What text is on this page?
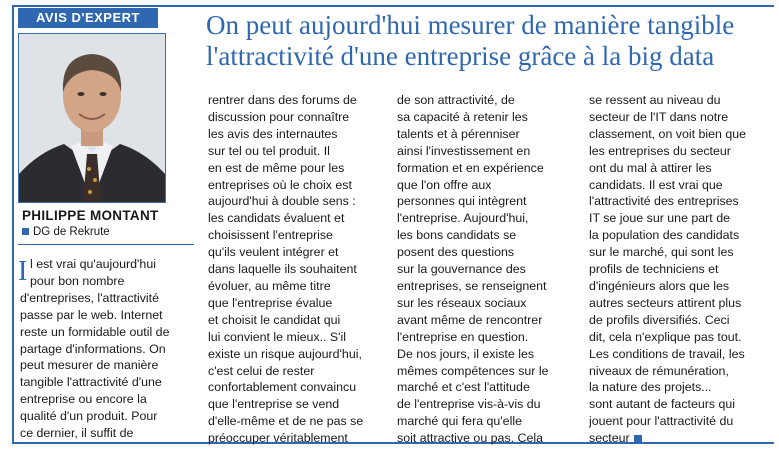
AVIS D'EXPERT
PHILIPPE MONTANT
DG de Rekrute
On peut aujourd'hui mesurer de manière tangible
l'attractivité d'une entreprise grâce à la big data
I l est vrai qu'aujourd'hui
pour bon nombre
d'entreprises, l'attractivité
passe par le web. Internet
reste un formidable outil de
partage d'informations. On
peut mesurer de manière
tangible l'attractivité d'une
entreprise ou encore la
qualité d'un produit. Pour
ce dernier, il suffit de
rentrer dans des forums de
discussion pour connaître
les avis des internautes
sur tel ou tel produit. Il
en est de même pour les
entreprises où le choix est
aujourd'hui à double sens :
les candidats évaluent et
choisissent l'entreprise
qu'ils veulent intégrer et
dans laquelle ils souhaitent
évoluer, au même titre
que l'entreprise évalue
et choisit le candidat qui
lui convient le mieux.. S'il
existe un risque aujourd'hui,
c'est celui de rester
confortablement convaincu
que l'entreprise se vend
d'elle-même et de ne pas se
préoccuper véritablement
de son attractivité, de
sa capacité à retenir les
talents et à pérenniser
ainsi l'investissement en
formation et en expérience
que l'on offre aux
personnes qui intègrent
l'entreprise. Aujourd'hui,
les bons candidats se
posent des questions
sur la gouvernance des
entreprises, se renseignent
sur les réseaux sociaux
avant même de rencontrer
l'entreprise en question.
De nos jours, il existe les
mêmes compétences sur le
marché et c'est l'attitude
de l'entreprise vis-à-vis du
marché qui fera qu'elle
soit attractive ou pas. Cela
se ressent au niveau du
secteur de l'IT dans notre
classement, on voit bien que
les entreprises du secteur
ont du mal à attirer les
candidats. Il est vrai que
l'attractivité des entreprises
IT se joue sur une part de
la population des candidats
sur le marché, qui sont les
profils de techniciens et
d'ingénieurs alors que les
autres secteurs attirent plus
de profils diversifiés. Ceci
dit, cela n'explique pas tout.
Les conditions de travail, les
niveaux de rémunération,
la nature des projets...
sont autant de facteurs qui
jouent pour l'attractivité du
secteur
